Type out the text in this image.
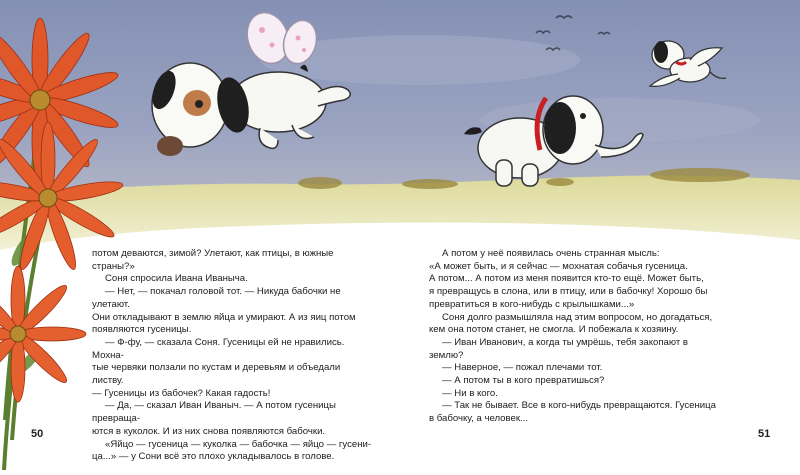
потом деваются, зимой? Улетают, как птицы, в южные

страны?»

Соня спросила Ивана Иваныча.

— Нет, — покачал головой тот. — Никуда бабочки не улетают.

Они откладывают в землю яйца и умирают. А из яиц потом

появляются гусеницы.

— Ф-фу, — сказала Соня. Гусеницы ей не нравились. Мохна-

тые червяки ползали по кустам и деревьям и объедали листву.

— Гусеницы из бабочек? Какая гадость!

— Да, — сказал Иван Иваныч. — А потом гусеницы превраща-

ются в куколок. И из них снова появляются бабочки.

«Яйцо — гусеница — куколка — бабочка — яйцо — гусени-

ца...» — у Сони всё это плохо укладывалось в голове.

А потом у неё появилась очень странная мысль:

«А может быть, и я сейчас — мохнатая собачья гусеница.

А потом... А потом из меня появится кто-то ещё. Может быть,

я превращусь в слона, или в птицу, или в бабочку! Хорошо бы

превратиться в кого-нибудь с крылышками...»

Соня долго размышляла над этим вопросом, но догадаться,

кем она потом станет, не смогла. И побежала к хозяину.

— Иван Иванович, а когда ты умрёшь, тебя закопают в землю?

— Наверное, — пожал плечами тот.

— А потом ты в кого превратишься?

— Ни в кого.

— Так не бывает. Все в кого-нибудь превращаются. Гусеница

в бабочку, а человек...

50	51
